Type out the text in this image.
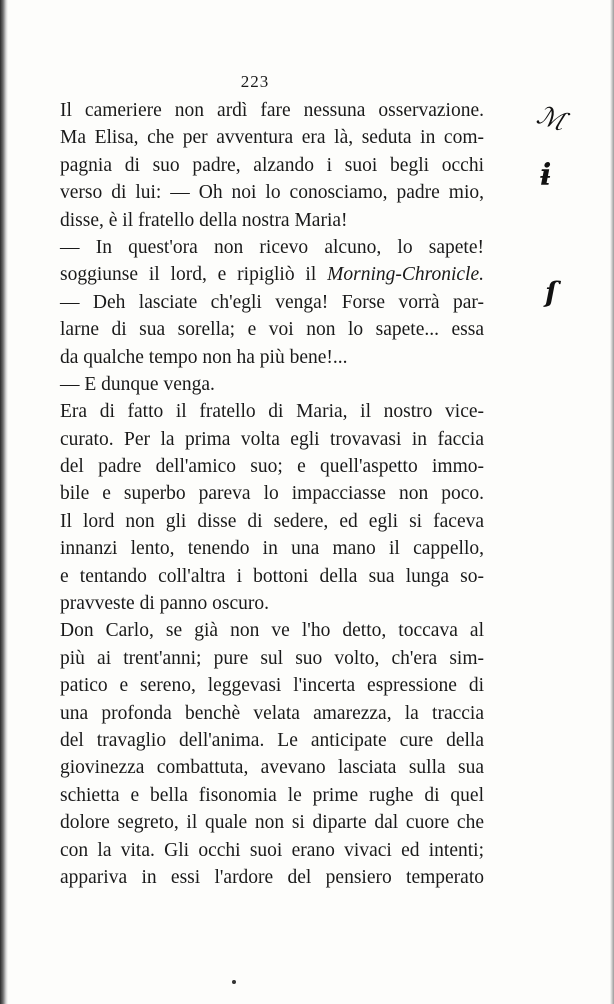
223
Il cameriere non ardì fare nessuna osservazione.
Ma Elisa, che per avventura era là, seduta in com-
pagnia di suo padre, alzando i suoi begli occhi
verso di lui: — Oh noi lo conosciamo, padre mio,
disse, è il fratello della nostra Maria!
— In quest'ora non ricevo alcuno, lo sapete!
soggiunse il lord, e ripigliò il Morning-Chronicle.
— Deh lasciate ch'egli venga! Forse vorrà par-
larne di sua sorella; e voi non lo sapete... essa
da qualche tempo non ha più bene!...
— E dunque venga.
Era di fatto il fratello di Maria, il nostro vice-
curato. Per la prima volta egli trovavasi in faccia
del padre dell'amico suo; e quell'aspetto immo-
bile e superbo pareva lo impacciasse non poco.
Il lord non gli disse di sedere, ed egli si faceva
innanzi lento, tenendo in una mano il cappello,
e tentando coll'altra i bottoni della sua lunga so-
pravveste di panno oscuro.
Don Carlo, se già non ve l'ho detto, toccava al
più ai trent'anni; pure sul suo volto, ch'era sim-
patico e sereno, leggevasi l'incerta espressione di
una profonda benchè velata amarezza, la traccia
del travaglio dell'anima. Le anticipate cure della
giovinezza combattuta, avevano lasciata sulla sua
schietta e bella fisonomia le prime rughe di quel
dolore segreto, il quale non si diparte dal cuore che
con la vita. Gli occhi suoi erano vivaci ed intenti;
appariva in essi l'ardore del pensiero temperato
ℳ
ɨ
ſ
